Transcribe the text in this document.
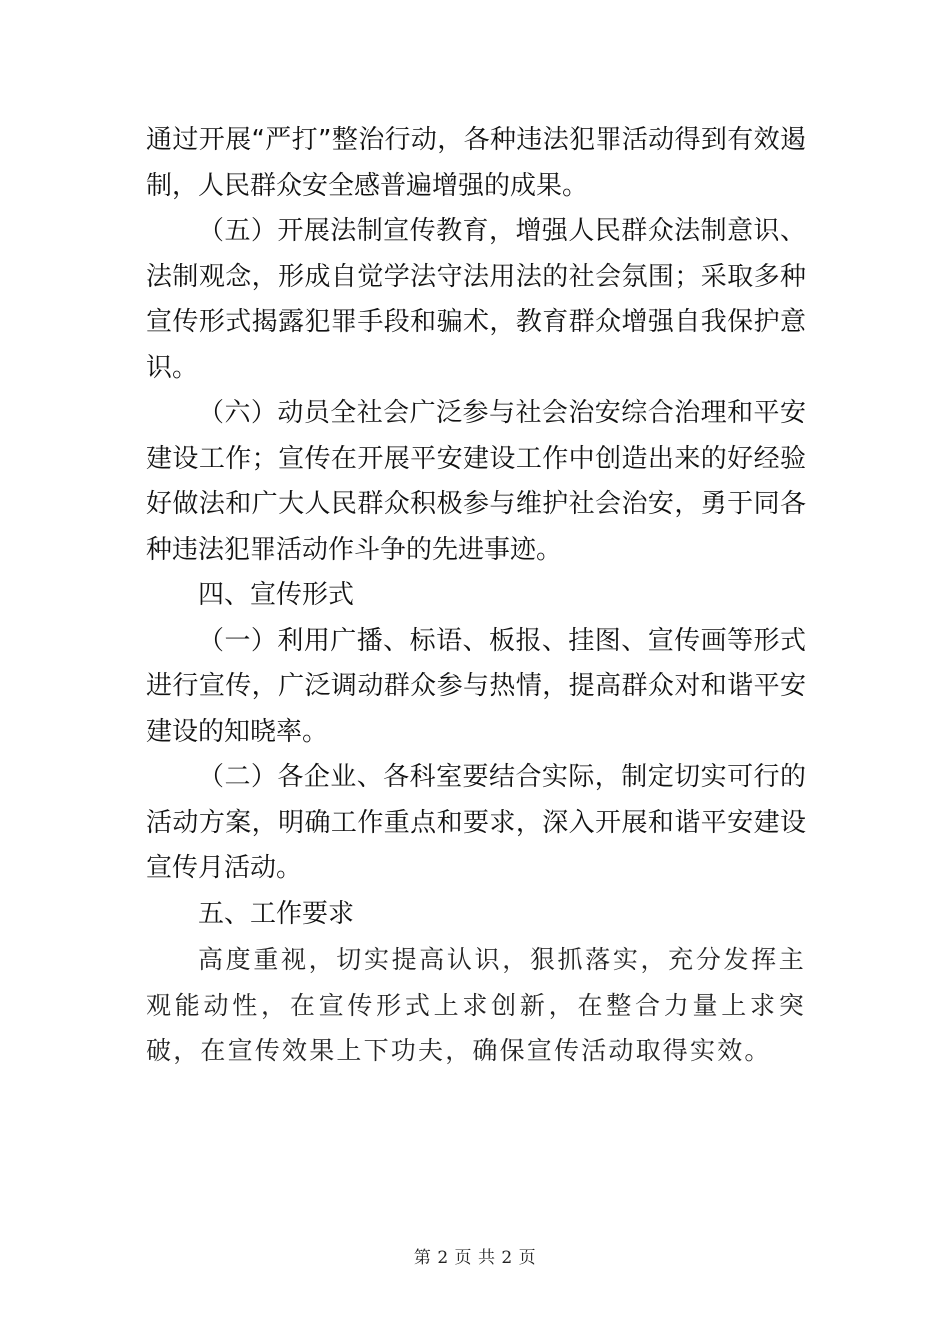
通过开展“严打”整治行动，各种违法犯罪活动得到有效遏制，人民群众安全感普遍增强的成果。

（五）开展法制宣传教育，增强人民群众法制意识、法制观念，形成自觉学法守法用法的社会氛围；采取多种宣传形式揭露犯罪手段和骗术，教育群众增强自我保护意识。

（六）动员全社会广泛参与社会治安综合治理和平安建设工作；宣传在开展平安建设工作中创造出来的好经验好做法和广大人民群众积极参与维护社会治安，勇于同各种违法犯罪活动作斗争的先进事迹。

四、宣传形式

（一）利用广播、标语、板报、挂图、宣传画等形式进行宣传，广泛调动群众参与热情，提高群众对和谐平安建设的知晓率。

（二）各企业、各科室要结合实际，制定切实可行的活动方案，明确工作重点和要求，深入开展和谐平安建设宣传月活动。

五、工作要求

高度重视，切实提高认识，狠抓落实，充分发挥主观能动性，在宣传形式上求创新，在整合力量上求突破，在宣传效果上下功夫，确保宣传活动取得实效。

第 2 页 共 2 页
